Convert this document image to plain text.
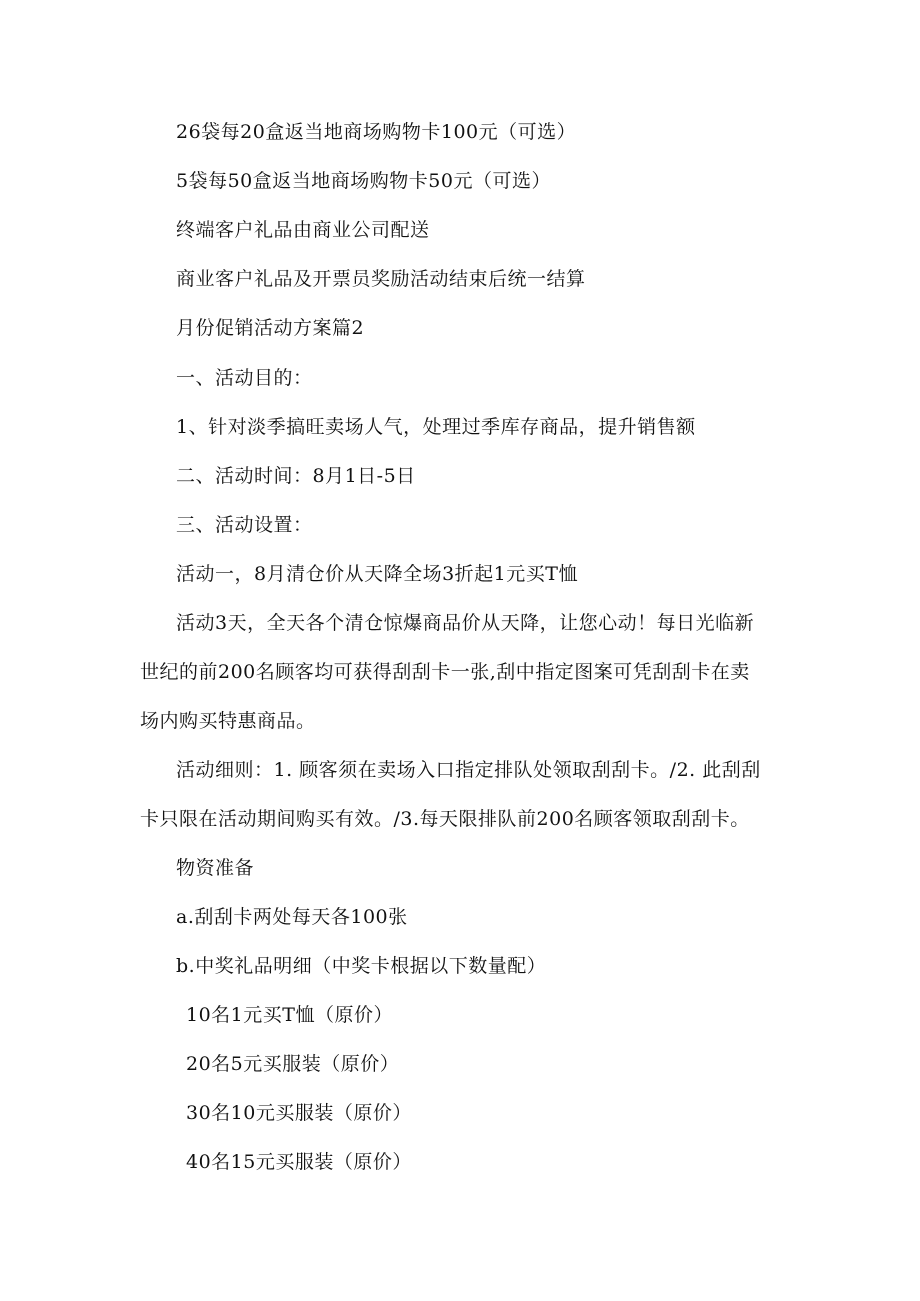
26袋每20盒返当地商场购物卡100元（可选）
5袋每50盒返当地商场购物卡50元（可选）
终端客户礼品由商业公司配送
商业客户礼品及开票员奖励活动结束后统一结算
月份促销活动方案篇2
一、活动目的：
1、针对淡季搞旺卖场人气，处理过季库存商品，提升销售额
二、活动时间：8月1日-5日
三、活动设置：
活动一，8月清仓价从天降全场3折起1元买T恤
活动3天，全天各个清仓惊爆商品价从天降，让您心动！每日光临新
世纪的前200名顾客均可获得刮刮卡一张,刮中指定图案可凭刮刮卡在卖
场内购买特惠商品。
活动细则：1. 顾客须在卖场入口指定排队处领取刮刮卡。/2. 此刮刮
卡只限在活动期间购买有效。/3.每天限排队前200名顾客领取刮刮卡。
物资准备
a.刮刮卡两处每天各100张
b.中奖礼品明细（中奖卡根据以下数量配）
10名1元买T恤（原价）
20名5元买服装（原价）
30名10元买服装（原价）
40名15元买服装（原价）
